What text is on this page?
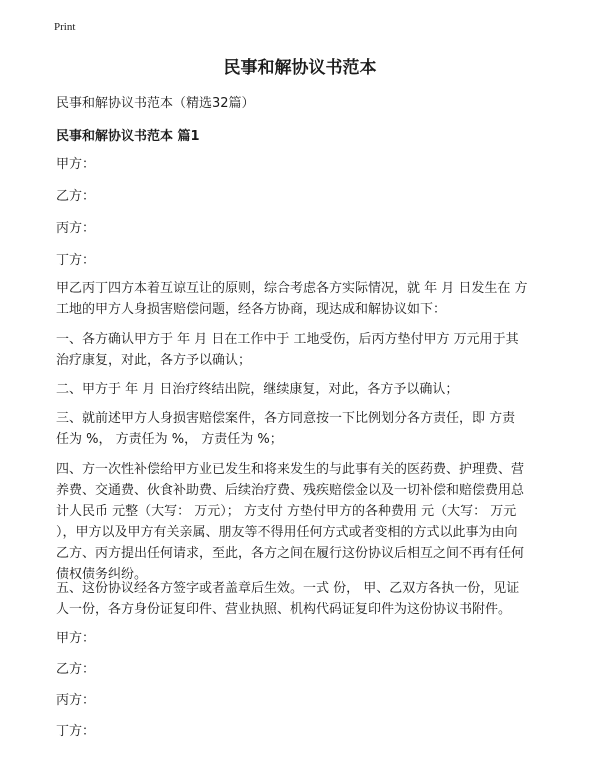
Print
民事和解协议书范本

民事和解协议书范本（精选32篇）

民事和解协议书范本 篇1

甲方：

乙方：

丙方：

丁方：

甲乙丙丁四方本着互谅互让的原则，综合考虑各方实际情况，就 年 月 日发生在 方
工地的甲方人身损害赔偿问题，经各方协商，现达成和解协议如下：

一、各方确认甲方于 年 月 日在工作中于 工地受伤，后丙方垫付甲方 万元用于其
治疗康复，对此，各方予以确认；

二、甲方于 年 月 日治疗终结出院，继续康复，对此，各方予以确认；

三、就前述甲方人身损害赔偿案件，各方同意按一下比例划分各方责任，即 方责
任为 %， 方责任为 %， 方责任为 %；

四、方一次性补偿给甲方业已发生和将来发生的与此事有关的医药费、护理费、营
养费、交通费、伙食补助费、后续治疗费、残疾赔偿金以及一切补偿和赔偿费用总
计人民币 元整（大写： 万元）； 方支付 方垫付甲方的各种费用 元（大写： 万元
），甲方以及甲方有关亲属、朋友等不得用任何方式或者变相的方式以此事为由向
乙方、丙方提出任何请求，至此，各方之间在履行这份协议后相互之间不再有任何
债权债务纠纷。

五、这份协议经各方签字或者盖章后生效。一式 份， 甲、乙双方各执一份，见证
人一份，各方身份证复印件、营业执照、机构代码证复印件为这份协议书附件。

甲方：

乙方：

丙方：

丁方：
